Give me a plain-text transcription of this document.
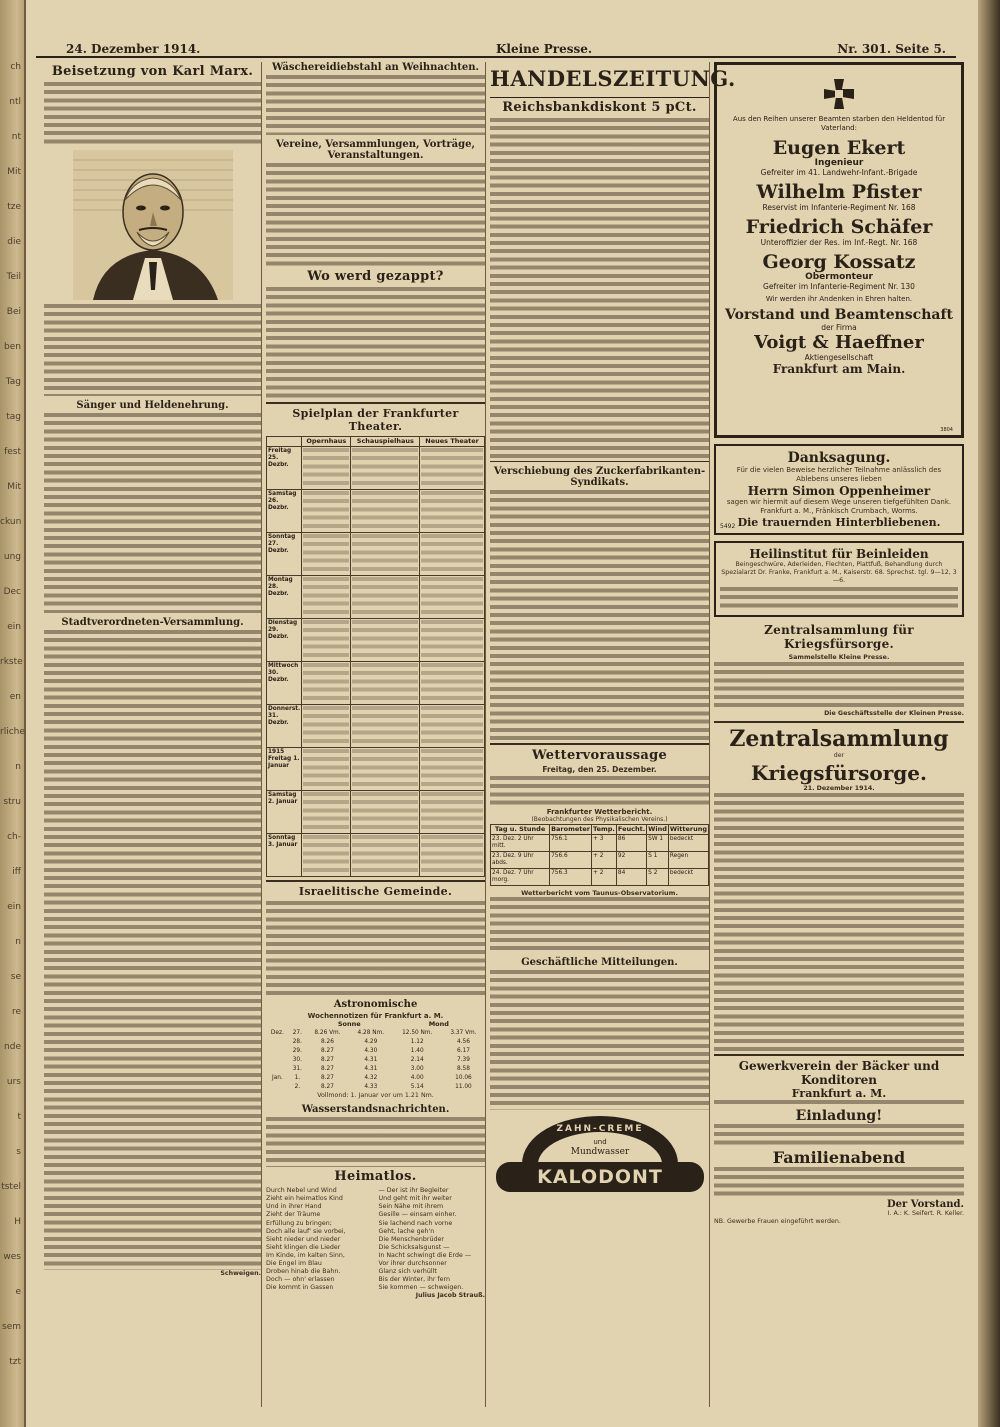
ch
ntl
nt
Mit
tze
die
Teil
Bei
ben
Tag
tag
fest
Mit
ckun
ung
Dec
ein
rkste
en
rliche
n
stru
ch-
iff
ein
n
se
re
nde
urs
t
s
tstel
H
wes
e
sem
tzt
24. Dezember 1914.	Kleine Presse.	Nr. 301. Seite 5.
Beisetzung von Karl Marx.
Sänger und Heldenehrung.
Stadtverordneten-Versammlung.
Schweigen.
Wäschereidiebstahl an Weihnachten.
Vereine, Versammlungen, Vorträge, Veranstaltungen.
Wo werd gezappt?
Spielplan der Frankfurter Theater.
	Opernhaus	Schauspielhaus	Neues Theater
Freitag 25. Dezbr.	

Samstag 26. Dezbr.	

Sonntag 27. Dezbr.	

Montag 28. Dezbr.	

Dienstag 29. Dezbr.	

Mittwoch 30. Dezbr.	

Donnerst. 31. Dezbr.	

1915 Freitag 1. Januar	

Samstag 2. Januar	

Sonntag 3. Januar	

Israelitische Gemeinde.
Astronomische
Wochennotizen für Frankfurt a. M.
		Sonne		Mond	
Dez.	27.	8.26 Vm.	4.28 Nm.	12.50 Nm.	3.37 Vm.
	28.	8.26	4.29	1.12	4.56
	29.	8.27	4.30	1.40	6.17
	30.	8.27	4.31	2.14	7.39
	31.	8.27	4.31	3.00	8.58
Jan.	1.	8.27	4.32	4.00	10.06
	2.	8.27	4.33	5.14	11.00
Vollmond: 1. Januar vor um 1.21 Nm.
Wasserstandsnachrichten.
Heimatlos.
Durch Nebel und Wind
Zieht ein heimatlos Kind
Und in ihrer Hand
Zieht der Träume
Erfüllung zu bringen;
Doch alle lauf' sie vorbei,
Sieht nieder und nieder
Sieht klingen die Lieder
Im Kinde, im kalten Sinn,
Die Engel im Blau
Droben hinab die Bahn.
Doch — ohn' erlassen
Die kommt in Gassen
— Der ist ihr Begleiter
Und geht mit ihr weiter
Sein Nähe mit ihrem
Gesille — einsam einher.
Sie lachend nach vorne
Geht, lache geh'n
Die Menschenbrüder
Die Schicksalsgunst —
In Nacht schwingt die Erde —
Vor ihrer durchsonner
Glanz sich verhüllt
Bis der Winter, ihr fern
Sie kommen — schweigen.
Julius Jacob Strauß.
HANDELSZEITUNG.
Reichsbankdiskont 5 pCt.
Verschiebung des Zuckerfabrikanten-Syndikats.
Wettervoraussage
Freitag, den 25. Dezember.
Frankfurter Wetterbericht.
(Beobachtungen des Physikalischen Vereins.)
Tag u. Stunde	Barometer	Temp.	Feucht.	Wind	Witterung
23. Dez. 2 Uhr mitt.	756.1	+ 3	86	SW 1	bedeckt
23. Dez. 9 Uhr abds.	756.6	+ 2	92	S 1	Regen
24. Dez. 7 Uhr morg.	756.3	+ 2	84	S 2	bedeckt
Wetterbericht vom Taunus-Observatorium.
Geschäftliche Mitteilungen.
ZAHN-CREME
und
Mundwasser
KALODONT
Aus den Reihen unserer Beamten starben den Heldentod für Vaterland:
Eugen Ekert
Ingenieur
Gefreiter im 41. Landwehr-Infant.-Brigade
Wilhelm Pfister
Reservist im Infanterie-Regiment Nr. 168
Friedrich Schäfer
Unteroffizier der Res. im Inf.-Regt. Nr. 168
Georg Kossatz
Obermonteur
Gefreiter im Infanterie-Regiment Nr. 130
Wir werden ihr Andenken in Ehren halten.
Vorstand und Beamtenschaft
der Firma
Voigt & Haeffner
Aktiengesellschaft
Frankfurt am Main.
3804
Danksagung.
Für die vielen Beweise herzlicher Teilnahme anlässlich des Ablebens unseres lieben
Herrn Simon Oppenheimer
sagen wir hiermit auf diesem Wege unseren tiefgefühlten Dank.
Frankfurt a. M., Fränkisch Crumbach, Worms.
Die trauernden Hinterbliebenen.
5492
Heilinstitut für Beinleiden
Beingeschwüre, Aderleiden, Flechten, Plattfuß, Behandlung durch Spezialarzt Dr. Franke, Frankfurt a. M., Kaiserstr. 68. Sprechst. tgl. 9—12, 3—6.
Zentralsammlung für Kriegsfürsorge.
Sammelstelle Kleine Presse.
Die Geschäftsstelle der Kleinen Presse.
Zentralsammlung
der
Kriegsfürsorge.
21. Dezember 1914.
Gewerkverein der Bäcker und Konditoren
Frankfurt a. M.
Einladung!
Familienabend
Der Vorstand.
I. A.: K. Seifert. R. Keller.
NB. Gewerbe Frauen eingeführt werden.
